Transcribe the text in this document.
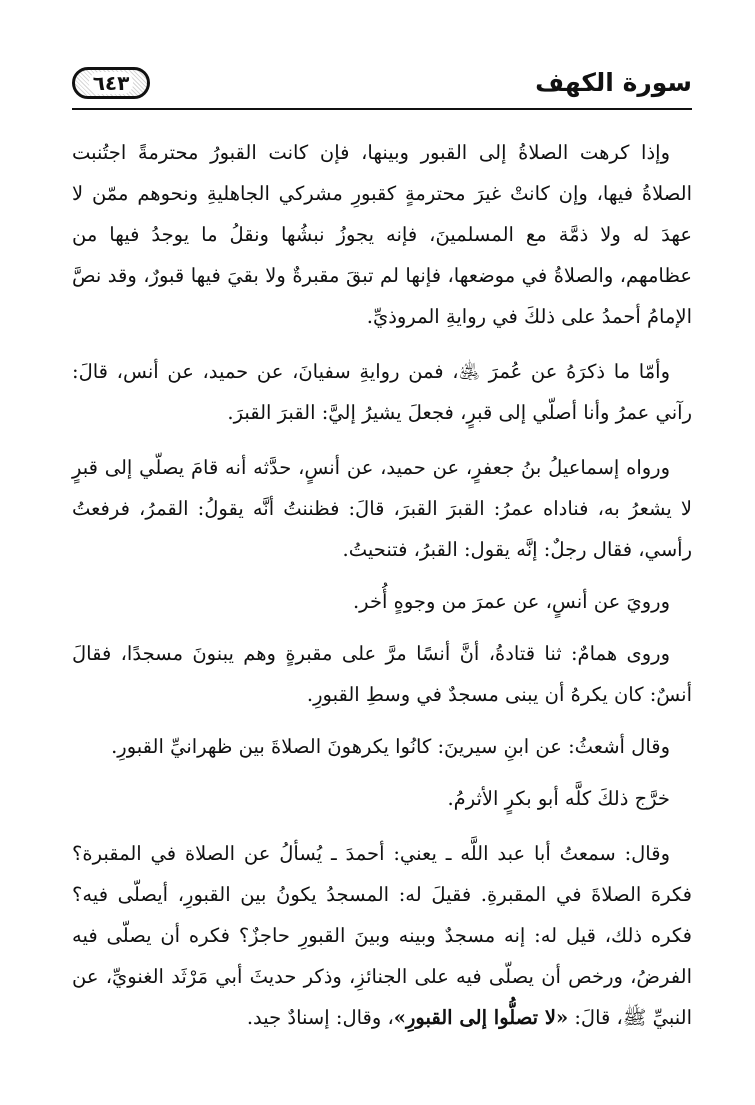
سورة الكهف
٦٤٣

وإذا كرهت الصلاةُ إلى القبور وبينها، فإن كانت القبورُ محترمةً اجتُنبت الصلاةُ فيها، وإن كانتْ غيرَ محترمةٍ كقبورِ مشركي الجاهليةِ ونحوهم ممّن لا عهدَ له ولا ذمَّة مع المسلمينَ، فإنه يجوزُ نبشُها ونقلُ ما يوجدُ فيها من عظامهم، والصلاةُ في موضعها، فإنها لم تبقَ مقبرةٌ ولا بقيَ فيها قبورٌ، وقد نصَّ الإمامُ أحمدُ على ذلكَ في روايةِ المروذيِّ.

وأمّا ما ذكرَهُ عن عُمرَ ﵁، فمن روايةِ سفيانَ، عن حميد، عن أنس، قالَ: رآني عمرُ وأنا أصلّي إلى قبرٍ، فجعلَ يشيرُ إليَّ: القبرَ القبرَ.

ورواه إسماعيلُ بنُ جعفرٍ، عن حميد، عن أنسٍ، حدَّثه أنه قامَ يصلّي إلى قبرٍ لا يشعرُ به، فناداه عمرُ: القبرَ القبرَ، قالَ: فظننتُ أنَّه يقولُ: القمرُ، فرفعتُ رأسي، فقال رجلٌ: إنَّه يقول: القبرُ، فتنحيتُ.

ورويَ عن أنسٍ، عن عمرَ من وجوهٍ أُخر.

وروى همامٌ: ثنا قتادةُ، أنَّ أنسًا مرَّ على مقبرةٍ وهم يبنونَ مسجدًا، فقالَ أنسٌ: كان يكرهُ أن يبنى مسجدٌ في وسطِ القبورِ.

وقال أشعثُ: عن ابنِ سيرينَ: كانُوا يكرهونَ الصلاةَ بين ظهرانيِّ القبورِ.

خرَّج ذلكَ كلَّه أبو بكرٍ الأثرمُ.

وقال: سمعتُ أبا عبد اللَّه ـ يعني: أحمدَ ـ يُسألُ عن الصلاة في المقبرة؟ فكرهَ الصلاةَ في المقبرةِ. فقيلَ له: المسجدُ يكونُ بين القبورِ، أيصلّى فيه؟ فكره ذلك، قيل له: إنه مسجدٌ وبينه وبينَ القبورِ حاجزٌ؟ فكره أن يصلّى فيه الفرضُ، ورخص أن يصلّى فيه على الجنائزِ، وذكر حديثَ أبي مَرْثَد الغنويِّ، عن النبيِّ ﷺ، قالَ: «لا تصلُّوا إلى القبورِ»، وقال: إسنادٌ جيد.
